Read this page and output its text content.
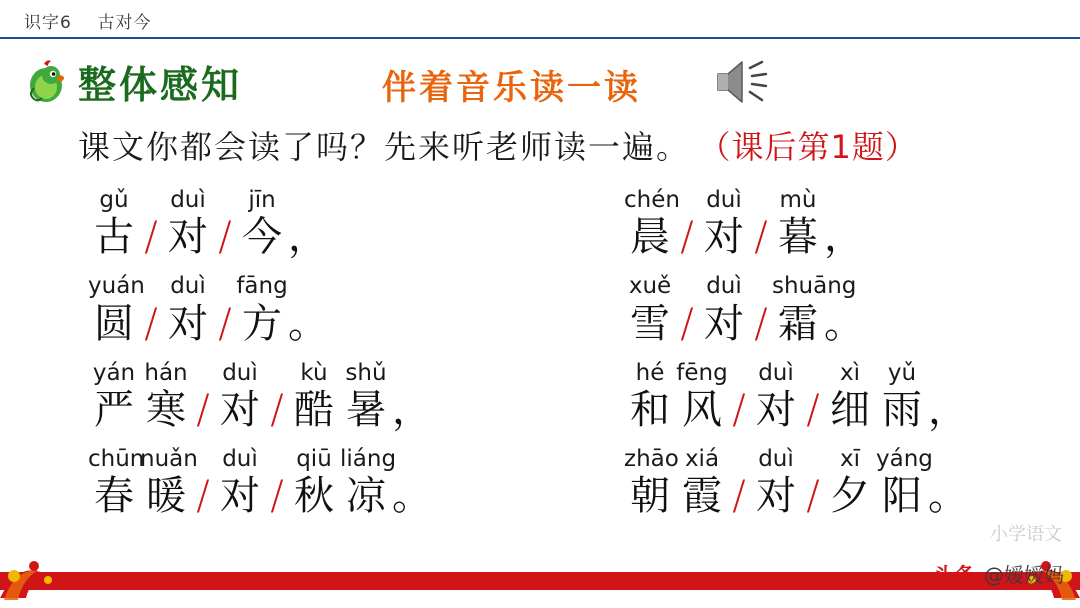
识字6 古对今
整体感知	伴着音乐读一读
课文你都会读了吗？先来听老师读一遍。 （课后第1题）
gǔ	duì	jīn
古 / 对 / 今 ，
yuán	duì	fāng
圆 / 对 / 方 。
yán hán	duì	kù shǔ
严 寒 / 对 / 酷 暑 ，
chūn
nuǎn	duì	qiū liáng
春 暖 / 对 / 秋 凉 。
chén	duì	mù
晨 / 对 / 暮 ，
xuě	duì	shuāng
雪 / 对 / 霜 。
hé fēng	duì	xì	yǔ
和 风 / 对 / 细 雨 ，
zhāo xiá	duì	xī yáng
朝 霞 / 对 / 夕 阳 。
小学语文
头条 @嫒嫒妈
